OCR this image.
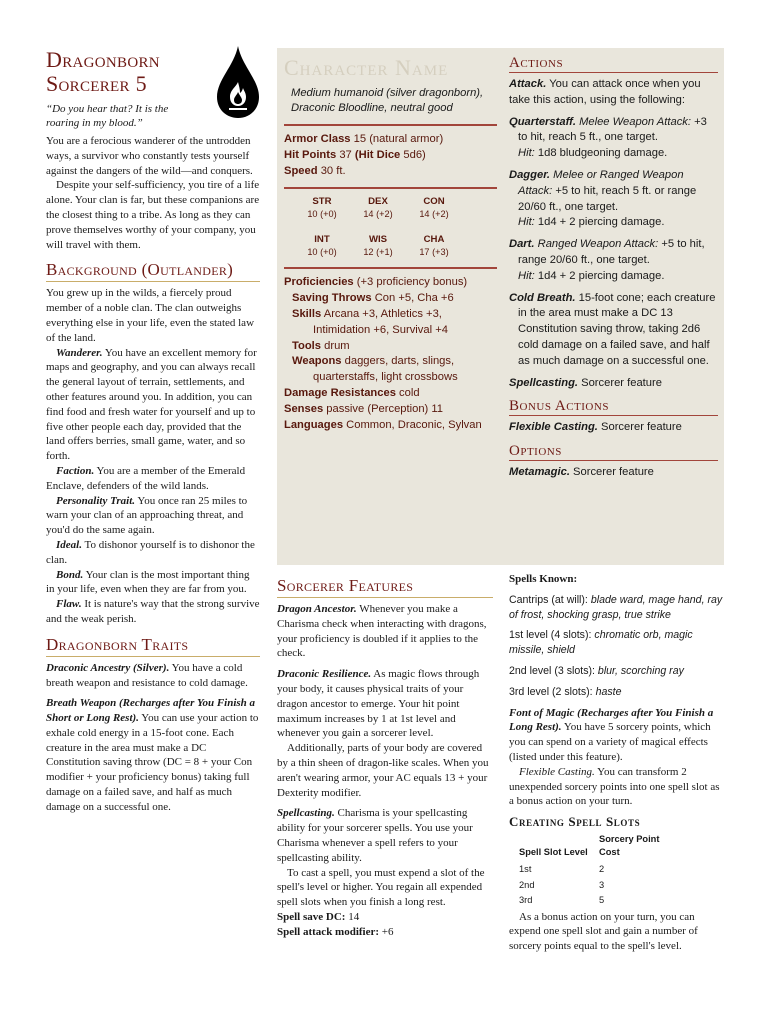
Dragonborn
Sorcerer 5
“Do you hear that? It is the roaring in my blood.”

You are a ferocious wanderer of the untrodden ways, a survivor who constantly tests yourself against the dangers of the wild—and conquers.

Despite your self-sufficiency, you tire of a life alone. Your clan is far, but these companions are the closest thing to a tribe. As long as they can prove themselves worthy of your company, you will travel with them.

Background (Outlander)

You grew up in the wilds, a fiercely proud member of a noble clan. The clan outweighs everything else in your life, even the stated law of the land.

Wanderer. You have an excellent memory for maps and geography, and you can always recall the general layout of terrain, settlements, and other features around you. In addition, you can find food and fresh water for yourself and up to five other people each day, provided that the land offers berries, small game, water, and so forth.

Faction. You are a member of the Emerald Enclave, defenders of the wild lands.

Personality Trait. You once ran 25 miles to warn your clan of an approaching threat, and you'd do the same again.

Ideal. To dishonor yourself is to dishonor the clan.

Bond. Your clan is the most important thing in your life, even when they are far from you.

Flaw. It is nature's way that the strong survive and the weak perish.

Dragonborn Traits

Draconic Ancestry (Silver). You have a cold breath weapon and resistance to cold damage.

Breath Weapon (Recharges after You Finish a Short or Long Rest). You can use your action to exhale cold energy in a 15-foot cone. Each creature in the area must make a DC Constitution saving throw (DC = 8 + your Con modifier + your proficiency bonus) taking full damage on a failed save, and half as much damage on a successful one.

Character Name
Medium humanoid (silver dragonborn),
Draconic Bloodline, neutral good
Armor Class 15 (natural armor)
Hit Points 37 (Hit Dice 5d6)
Speed 30 ft.
STR	DEX	CON
10 (+0)	14 (+2)	14 (+2)
INT	WIS	CHA
10 (+0)	12 (+1)	17 (+3)
Proficiencies (+3 proficiency bonus)
Saving Throws Con +5, Cha +6
Skills Arcana +3, Athletics +3, Intimidation +6, Survival +4
Tools drum
Weapons daggers, darts, slings, quarterstaffs, light crossbows
Damage Resistances cold
Senses passive (Perception) 11
Languages Common, Draconic, Sylvan
Actions
Attack. You can attack once when you take this action, using the following:
Quarterstaff. Melee Weapon Attack: +3 to hit, reach 5 ft., one target.
Hit: 1d8 bludgeoning damage.
Dagger. Melee or Ranged Weapon Attack: +5 to hit, reach 5 ft. or range 20/60 ft., one target.
Hit: 1d4 + 2 piercing damage.
Dart. Ranged Weapon Attack: +5 to hit, range 20/60 ft., one target.
Hit: 1d4 + 2 piercing damage.
Cold Breath. 15-foot cone; each creature in the area must make a DC 13 Constitution saving throw, taking 2d6 cold damage on a failed save, and half as much damage on a successful one.
Spellcasting. Sorcerer feature
Bonus Actions
Flexible Casting. Sorcerer feature
Options
Metamagic. Sorcerer feature
Sorcerer Features

Dragon Ancestor. Whenever you make a Charisma check when interacting with dragons, your proficiency is doubled if it applies to the check.

Draconic Resilience. As magic flows through your body, it causes physical traits of your dragon ancestor to emerge. Your hit point maximum increases by 1 at 1st level and whenever you gain a sorcerer level.

Additionally, parts of your body are covered by a thin sheen of dragon-like scales. When you aren't wearing armor, your AC equals 13 + your Dexterity modifier.

Spellcasting. Charisma is your spellcasting ability for your sorcerer spells. You use your Charisma whenever a spell refers to your spellcasting ability.

To cast a spell, you must expend a slot of the spell's level or higher. You regain all expended spell slots when you finish a long rest.

Spell save DC: 14

Spell attack modifier: +6

Spells Known:

Cantrips (at will): blade ward, mage hand, ray of frost, shocking grasp, true strike

1st level (4 slots): chromatic orb, magic missile, shield

2nd level (3 slots): blur, scorching ray

3rd level (2 slots): haste

Font of Magic (Recharges after You Finish a Long Rest). You have 5 sorcery points, which you can spend on a variety of magical effects (listed under this feature).

Flexible Casting. You can transform 2 unexpended sorcery points into one spell slot as a bonus action on your turn.

Creating Spell Slots
Spell Slot Level	Sorcery Point Cost
1st	2
2nd	3
3rd	5

As a bonus action on your turn, you can expend one spell slot and gain a number of sorcery points equal to the spell's level.
